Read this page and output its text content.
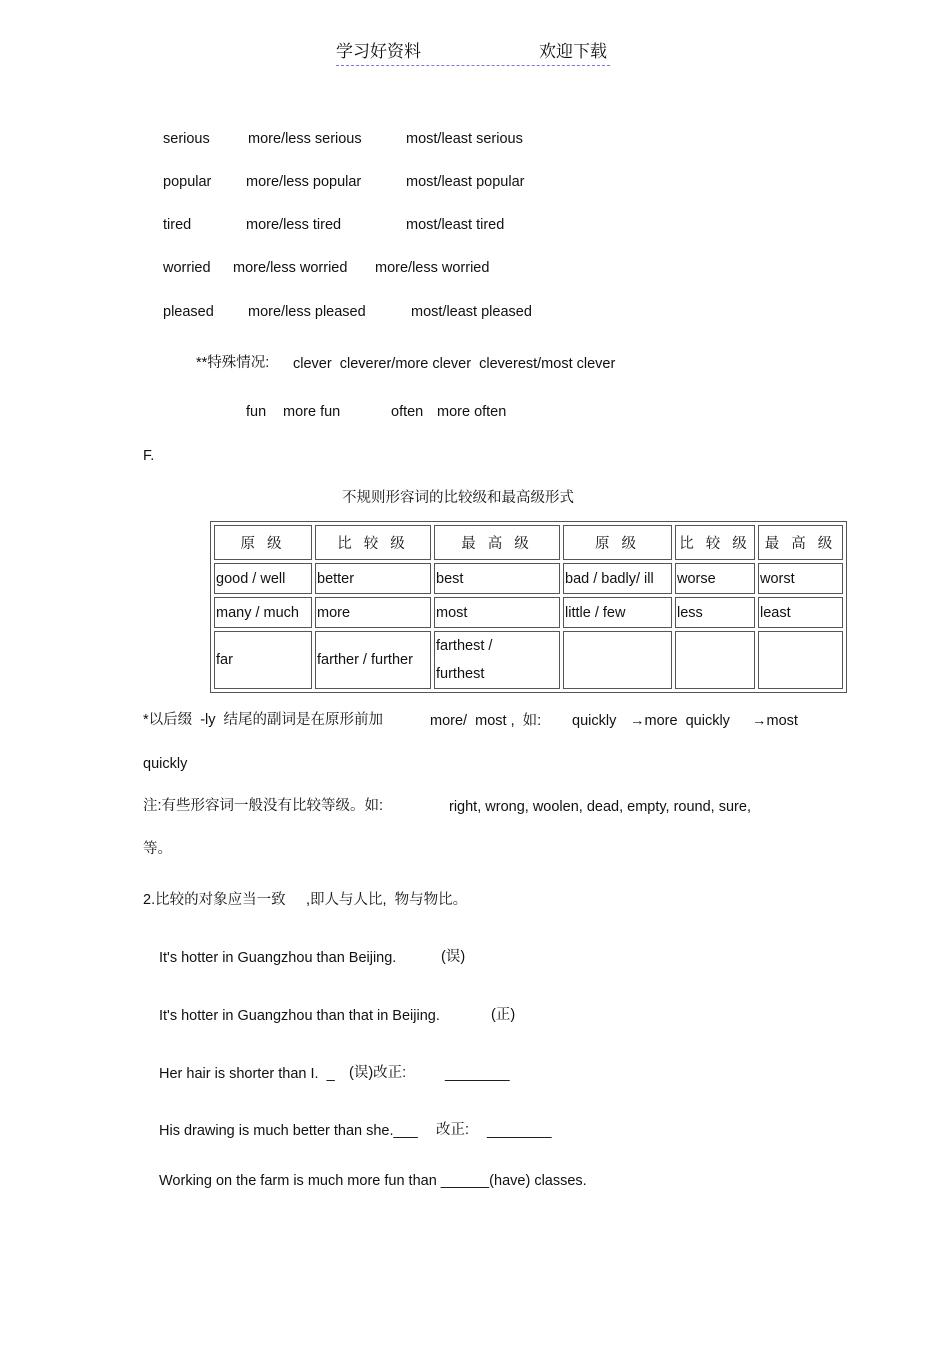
学习好资料	欢迎下载
serious	more/less serious	most/least serious
popular more/less popular	most/least popular
tired	more/less tired	most/least tired
worried more/less worried more/less worried
pleased more/less pleased	most/least pleased
**特殊情况: clever  cleverer/more clever  cleverest/most clever
fun more fun	often more often
F.
不规则形容词的比较级和最高级形式
原 级	比 较 级	最 高 级	原 级	比 较 级	最 高 级
good / well	better	best	bad / badly/ ill	worse	worst
many / much	more	most	little / few	less	least
far	farther / further	farthest /
furthest			

*以后缀  -ly  结尾的副词是在原形前加	more/  most ,  如: quickly →more  quickly →most
quickly
注:有些形容词一般没有比较等级。如:	right, wrong, woolen, dead, empty, round, sure,
等。
2.比较的对象应当一致 ,即人与人比,  物与物比。
It's hotter in Guangzhou than Beijing.	(误)
It's hotter in Guangzhou than that in Beijing.	(正)
Her hair is shorter than I.  _ (误)改正:	________
His drawing is much better than she.___ 改正: ________
Working on the farm is much more fun than ______(have) classes.
